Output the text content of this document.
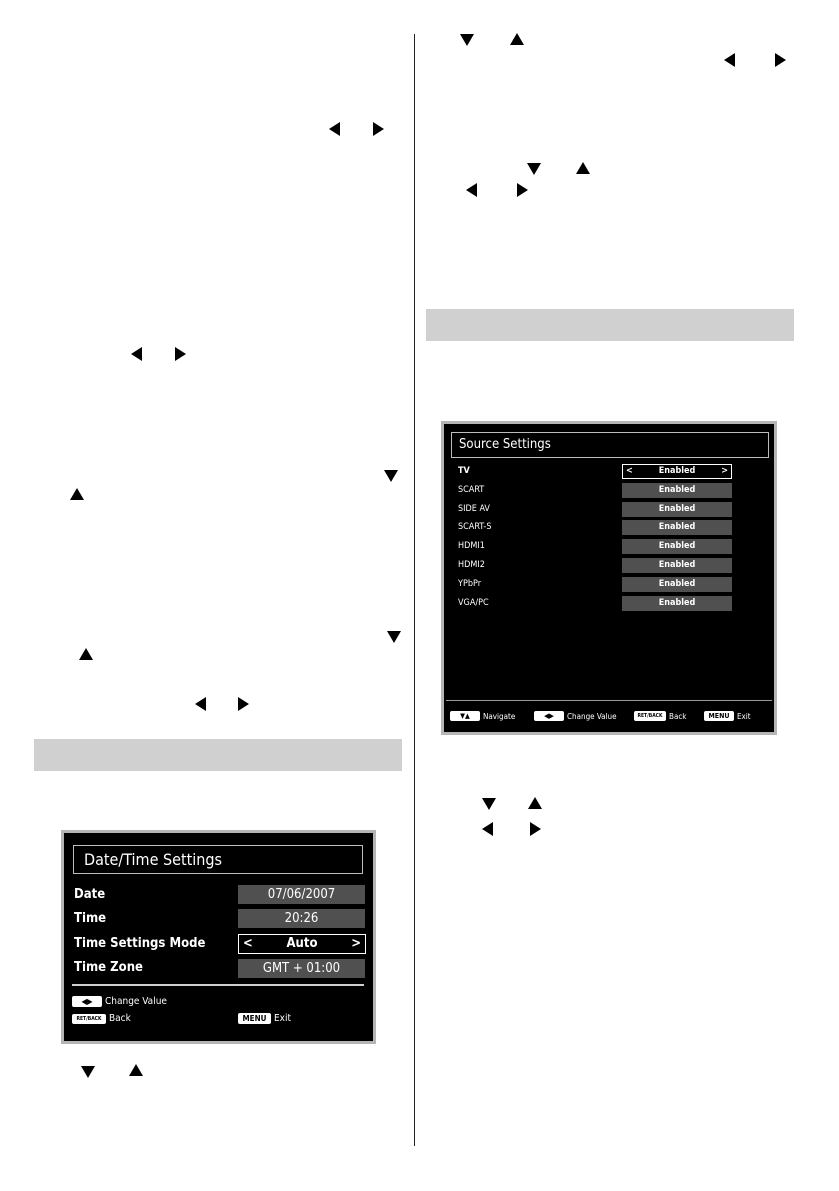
Date/Time Settings
Date	07/06/2007
Time	20:26
Time Settings Mode	<	Auto	>
Time Zone	GMT + 01:00
◀▶	Change Value
RET/BACK Back	MENU Exit
Source Settings
TV	<	Enabled	>
SCART	Enabled
SIDE AV	Enabled
SCART-S	Enabled
HDMI1	Enabled
HDMI2	Enabled
YPbPr	Enabled
VGA/PC	Enabled
▼▲	Navigate	◀▶	Change Value	RET/BACK Back	MENU Exit
